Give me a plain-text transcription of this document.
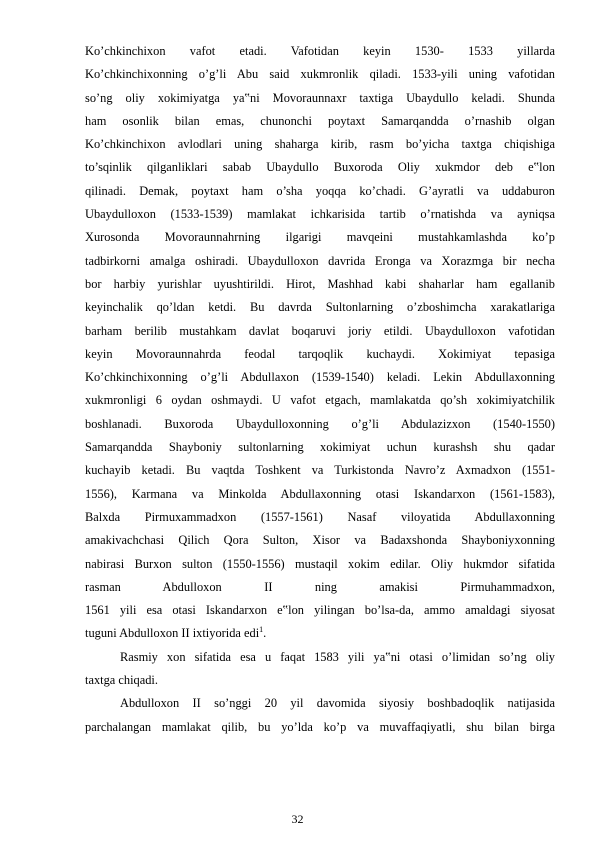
Ko’chkinchixon vafot etadi. Vafotidan keyin 1530- 1533 yillarda
Ko’chkinchixonning o’g’li Abu said xukmronlik qiladi. 1533-yili uning vafotidan
so’ng oliy xokimiyatga ya‟ni Movoraunnaxr taxtiga Ubaydullo keladi. Shunda
ham osonlik bilan emas, chunonchi poytaxt Samarqandda o’rnashib olgan
Ko’chkinchixon avlodlari uning shaharga kirib, rasm bo’yicha taxtga chiqishiga
to’sqinlik qilganliklari sabab Ubaydullo Buxoroda Oliy xukmdor deb e‟lon
qilinadi. Demak, poytaxt ham o’sha yoqqa ko’chadi. G’ayratli va uddaburon
Ubaydulloxon (1533-1539) mamlakat ichkarisida tartib o’rnatishda va ayniqsa
Xurosonda Movoraunnahrning ilgarigi mavqeini mustahkamlashda ko’p
tadbirkorni amalga oshiradi. Ubaydulloxon davrida Eronga va Xorazmga bir necha
bor harbiy yurishlar uyushtirildi. Hirot, Mashhad kabi shaharlar ham egallanib
keyinchalik qo’ldan ketdi. Bu davrda Sultonlarning o’zboshimcha xarakatlariga
barham berilib mustahkam davlat boqaruvi joriy etildi. Ubaydulloxon vafotidan
keyin Movoraunnahrda feodal tarqoqlik kuchaydi. Xokimiyat tepasiga
Ko’chkinchixonning o’g’li Abdullaxon (1539-1540) keladi. Lekin Abdullaxonning
xukmronligi 6 oydan oshmaydi. U vafot etgach, mamlakatda qo’sh xokimiyatchilik
boshlanadi. Buxoroda Ubaydulloxonning o’g’li Abdulazizxon (1540-1550)
Samarqandda Shayboniy sultonlarning xokimiyat uchun kurashsh shu qadar
kuchayib ketadi. Bu vaqtda Toshkent va Turkistonda Navro’z Axmadxon (1551-
1556), Karmana va Minkolda Abdullaxonning otasi Iskandarxon (1561-1583),
Balxda Pirmuxammadxon (1557-1561) Nasaf viloyatida Abdullaxonning
amakivachchasi Qilich Qora Sulton, Xisor va Badaxshonda Shayboniyxonning
nabirasi Burxon sulton (1550-1556) mustaqil xokim edilar. Oliy hukmdor sifatida
rasman Abdulloxon II ning amakisi Pirmuhammadxon,
1561 yili esa otasi Iskandarxon e‟lon yilingan bo’lsa-da, ammo amaldagi siyosat
tuguni Abdulloxon II ixtiyorida edi$^1$.
Rasmiy xon sifatida esa u faqat 1583 yili ya‟ni otasi o’limidan so’ng oliy
taxtga chiqadi.
Abdulloxon II so’nggi 20 yil davomida siyosiy boshbadoqlik natijasida
parchalangan mamlakat qilib, bu yo’lda ko’p va muvaffaqiyatli, shu bilan birga
32
